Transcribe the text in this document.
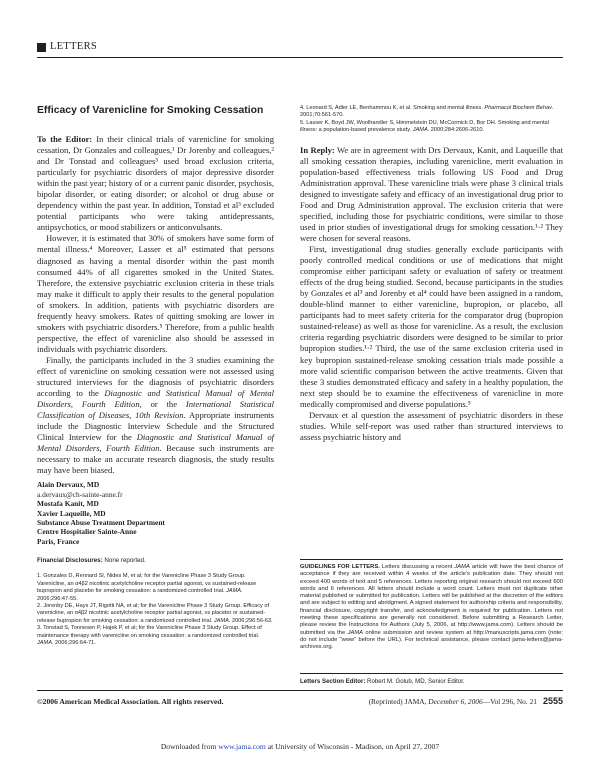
LETTERS
Efficacy of Varenicline for Smoking Cessation

To the Editor: In their clinical trials of varenicline for smoking cessation, Dr Gonzales and colleagues,¹ Dr Jorenby and colleagues,² and Dr Tonstad and colleagues³ used broad exclusion criteria, particularly for psychiatric disorders of major depressive disorder within the past year; history of or a current panic disorder, psychosis, bipolar disorder, or eating disorder; or alcohol or drug abuse or dependency within the past year. In addition, Tonstad et al³ excluded potential participants who were taking antidepressants, antipsychotics, or mood stabilizers or anticonvulsants.

However, it is estimated that 30% of smokers have some form of mental illness.⁴ Moreover, Lasser et al⁵ estimated that persons diagnosed as having a mental disorder within the past month consumed 44% of all cigarettes smoked in the United States. Therefore, the extensive psychiatric exclusion criteria in these trials may make it difficult to apply their results to the general population of smokers. In addition, patients with psychiatric disorders are frequently heavy smokers. Rates of quitting smoking are lower in smokers with psychiatric disorders.⁵ Therefore, from a public health perspective, the effect of varenicline also should be assessed in individuals with psychiatric disorders.

Finally, the participants included in the 3 studies examining the effect of varenicline on smoking cessation were not assessed using structured interviews for the diagnosis of psychiatric disorders according to the Diagnostic and Statistical Manual of Mental Disorders, Fourth Edition, or the International Statistical Classification of Diseases, 10th Revision. Appropriate instruments include the Diagnostic Interview Schedule and the Structured Clinical Interview for the Diagnostic and Statistical Manual of Mental Disorders, Fourth Edition. Because such instruments are necessary to make an accurate research diagnosis, the study results may have been biased.

Alain Dervaux, MD
a.dervaux@ch-sainte-anne.fr
Mostafa Kanit, MD
Xavier Laqueille, MD
Substance Abuse Treatment Department
Centre Hospitalier Sainte-Anne
Paris, France
Financial Disclosures: None reported.
1. Gonzales D, Rennard SI, Nides M, et al; for the Varenicline Phase 3 Study Group. Varenicline, an α4β2 nicotinic acetylcholine receptor partial agonist, vs sustained-release bupropion and placebo for smoking cessation: a randomized controlled trial. JAMA. 2006;296:47-55.
2. Jorenby DE, Hays JT, Rigotti NA, et al; for the Varenicline Phase 3 Study Group. Efficacy of varenicline, an α4β2 nicotinic acetylcholine receptor partial agonist, vs placebo or sustained-release bupropion for smoking cessation: a randomized controlled trial. JAMA. 2006;296:56-63.
3. Tonstad S, Tonnesen P, Hajek P, et al; for the Varenicline Phase 3 Study Group. Effect of maintenance therapy with varenicline on smoking cessation: a randomized controlled trial. JAMA. 2006;296:64-71.
4. Leonard S, Adler LE, Benhammou K, et al. Smoking and mental illness. Pharmacol Biochem Behav. 2001;70:561-570.
5. Lasser K, Boyd JW, Woolhandler S, Himmelstein DU, McCormick D, Bor DH. Smoking and mental illness: a population-based prevalence study. JAMA. 2000;284:2606-2610.

In Reply: We are in agreement with Drs Dervaux, Kanit, and Laqueille that all smoking cessation therapies, including varenicline, merit evaluation in population-based effectiveness trials following US Food and Drug Administration approval. These varenicline trials were phase 3 clinical trials designed to investigate safety and efficacy of an investigational drug prior to Food and Drug Administration approval. The exclusion criteria that were specified, including those for psychiatric conditions, were similar to those used in prior studies of investigational drugs for smoking cessation.¹·² They were chosen for several reasons.

First, investigational drug studies generally exclude participants with poorly controlled medical conditions or use of medications that might compromise either participant safety or evaluation of safety or treatment effects of the drug being studied. Second, because participants in the studies by Gonzales et al³ and Jorenby et al⁴ could have been assigned in a random, double-blind manner to either varenicline, bupropion, or placebo, all participants had to meet safety criteria for the comparator drug (bupropion sustained-release) as well as those for varenicline. As a result, the exclusion criteria regarding psychiatric disorders were designed to be similar to prior bupropion studies.¹·² Third, the use of the same exclusion criteria used in key bupropion sustained-release smoking cessation trials made possible a more valid scientific comparison between the active treatments. Given that these 3 studies demonstrated efficacy and safety in a healthy population, the next step should be to examine the effectiveness of varenicline in more medically compromised and diverse populations.⁵

Dervaux et al question the assessment of psychiatric disorders in these studies. While self-report was used rather than structured interviews to assess psychiatric history and

GUIDELINES FOR LETTERS. Letters discussing a recent JAMA article will have the best chance of acceptance if they are received within 4 weeks of the article's publication date. They should not exceed 400 words of text and 5 references. Letters reporting original research should not exceed 600 words and 6 references. All letters should include a word count. Letters must not duplicate other material published or submitted for publication. Letters will be published at the discretion of the editors and are subject to editing and abridgment. A signed statement for authorship criteria and responsibility, financial disclosure, copyright transfer, and acknowledgment is required for publication. Letters not meeting these specifications are generally not considered. Before submitting a Research Letter, please review the Instructions for Authors (July 5, 2006, at http://www.jama.com). Letters should be submitted via the JAMA online submission and review system at http://manuscripts.jama.com (note: do not include "www" before the URL). For technical assistance, please contact jama-letters@jama-archives.org.
Letters Section Editor: Robert M. Golub, MD, Senior Editor.
©2006 American Medical Association. All rights reserved.	(Reprinted) JAMA, December 6, 2006—Vol 296, No. 21 2555
Downloaded from www.jama.com at University of Wisconsin - Madison, on April 27, 2007
